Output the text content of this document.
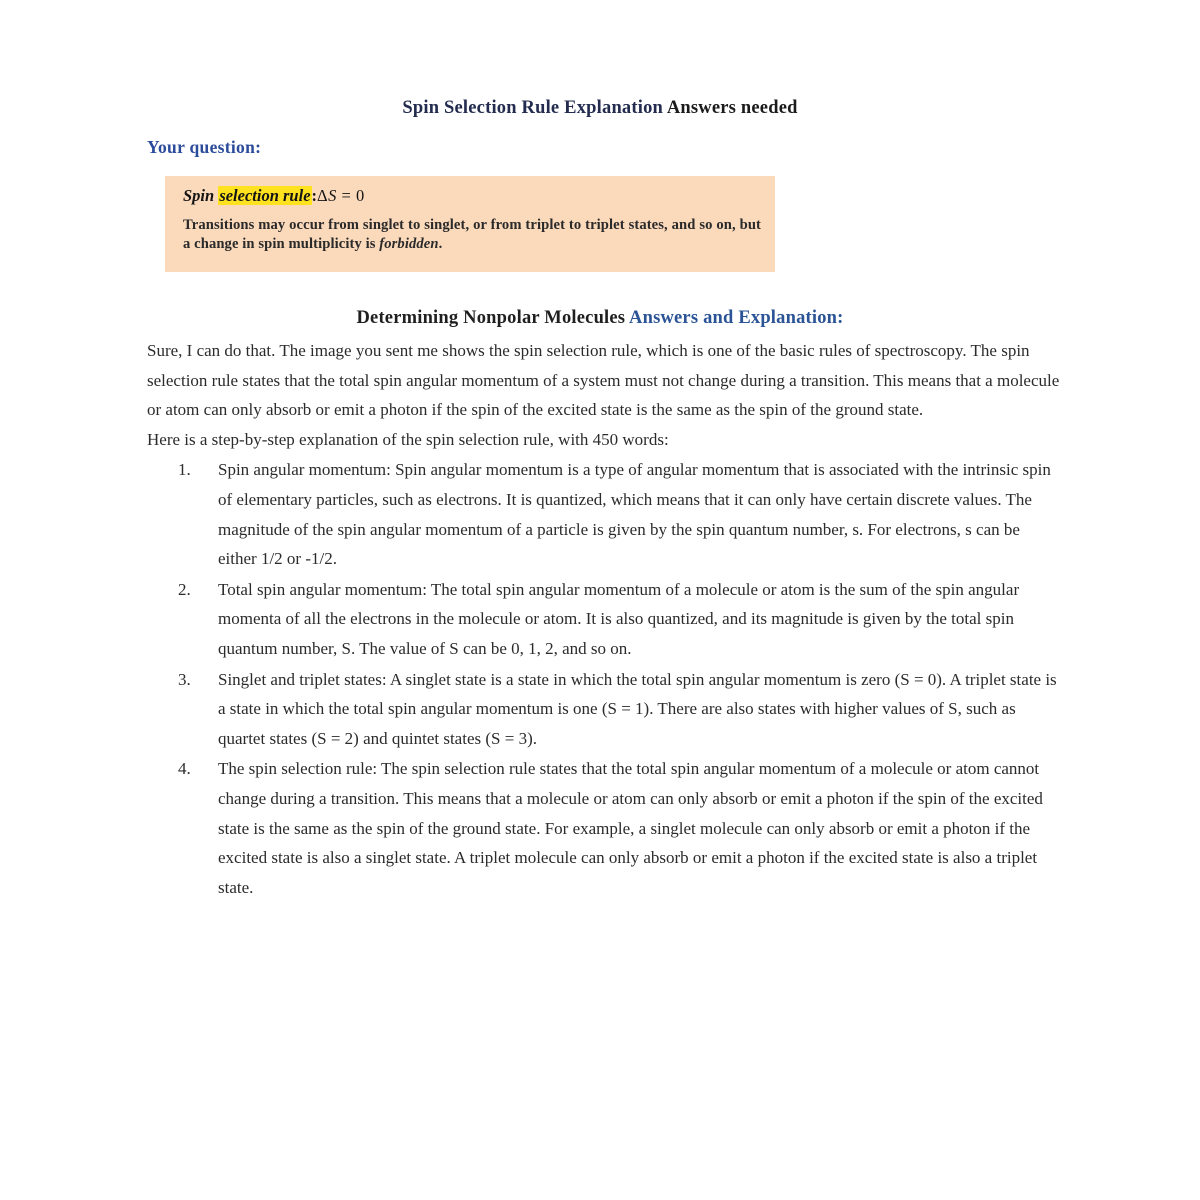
Spin Selection Rule Explanation Answers needed
Your question:
Spin selection rule:ΔS = 0
Transitions may occur from singlet to singlet, or from triplet to triplet states, and so on, but a change in spin multiplicity is forbidden.
Determining Nonpolar Molecules Answers and Explanation:

Sure, I can do that. The image you sent me shows the spin selection rule, which is one of the basic rules of spectroscopy. The spin selection rule states that the total spin angular momentum of a system must not change during a transition. This means that a molecule or atom can only absorb or emit a photon if the spin of the excited state is the same as the spin of the ground state.

Here is a step-by-step explanation of the spin selection rule, with 450 words:

Spin angular momentum: Spin angular momentum is a type of angular momentum that is associated with the intrinsic spin of elementary particles, such as electrons. It is quantized, which means that it can only have certain discrete values. The magnitude of the spin angular momentum of a particle is given by the spin quantum number, s. For electrons, s can be either 1/2 or -1/2.
Total spin angular momentum: The total spin angular momentum of a molecule or atom is the sum of the spin angular momenta of all the electrons in the molecule or atom. It is also quantized, and its magnitude is given by the total spin quantum number, S. The value of S can be 0, 1, 2, and so on.
Singlet and triplet states: A singlet state is a state in which the total spin angular momentum is zero (S = 0). A triplet state is a state in which the total spin angular momentum is one (S = 1). There are also states with higher values of S, such as quartet states (S = 2) and quintet states (S = 3).
The spin selection rule: The spin selection rule states that the total spin angular momentum of a molecule or atom cannot change during a transition. This means that a molecule or atom can only absorb or emit a photon if the spin of the excited state is the same as the spin of the ground state. For example, a singlet molecule can only absorb or emit a photon if the excited state is also a singlet state. A triplet molecule can only absorb or emit a photon if the excited state is also a triplet state.
